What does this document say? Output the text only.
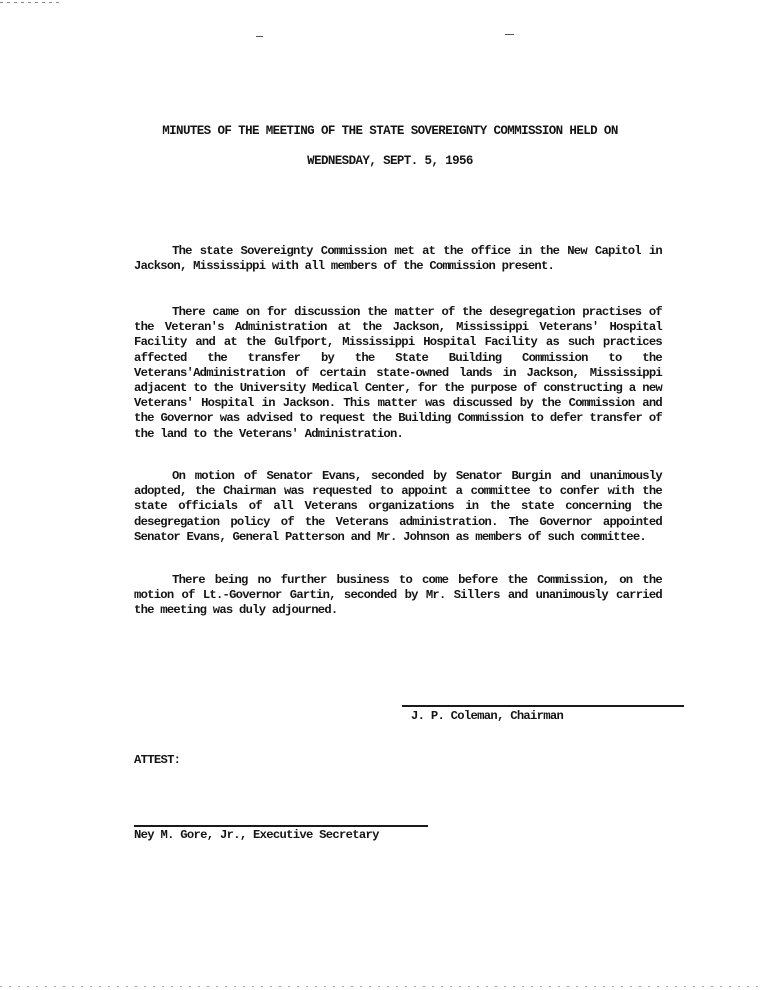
MINUTES OF THE MEETING OF THE STATE SOVEREIGNTY COMMISSION HELD ON
WEDNESDAY, SEPT. 5, 1956

The state Sovereignty Commission met at the office in the New Capitol in Jackson, Mississippi with all members of the Commission present.

There came on for discussion the matter of the desegregation practises of the Veteran's Administration at the Jackson, Mississippi Veterans' Hospital Facility and at the Gulfport, Mississippi Hospital Facility as such practices affected the transfer by the State Building Commission to the Veterans'Administration of certain state-owned lands in Jackson, Mississippi adjacent to the University Medical Center, for the purpose of constructing a new Veterans' Hospital in Jackson. This matter was discussed by the Commission and the Governor was advised to request the Building Commission to defer transfer of the land to the Veterans' Administration.

On motion of Senator Evans, seconded by Senator Burgin and unanimously adopted, the Chairman was requested to appoint a committee to confer with the state officials of all Veterans organizations in the state concerning the desegregation policy of the Veterans administration. The Governor appointed Senator Evans, General Patterson and Mr. Johnson as members of such committee.

There being no further business to come before the Commission, on the motion of Lt.-Governor Gartin, seconded by Mr. Sillers and unanimously carried the meeting was duly adjourned.

J. P. Coleman, Chairman
ATTEST:
Ney M. Gore, Jr., Executive Secretary
